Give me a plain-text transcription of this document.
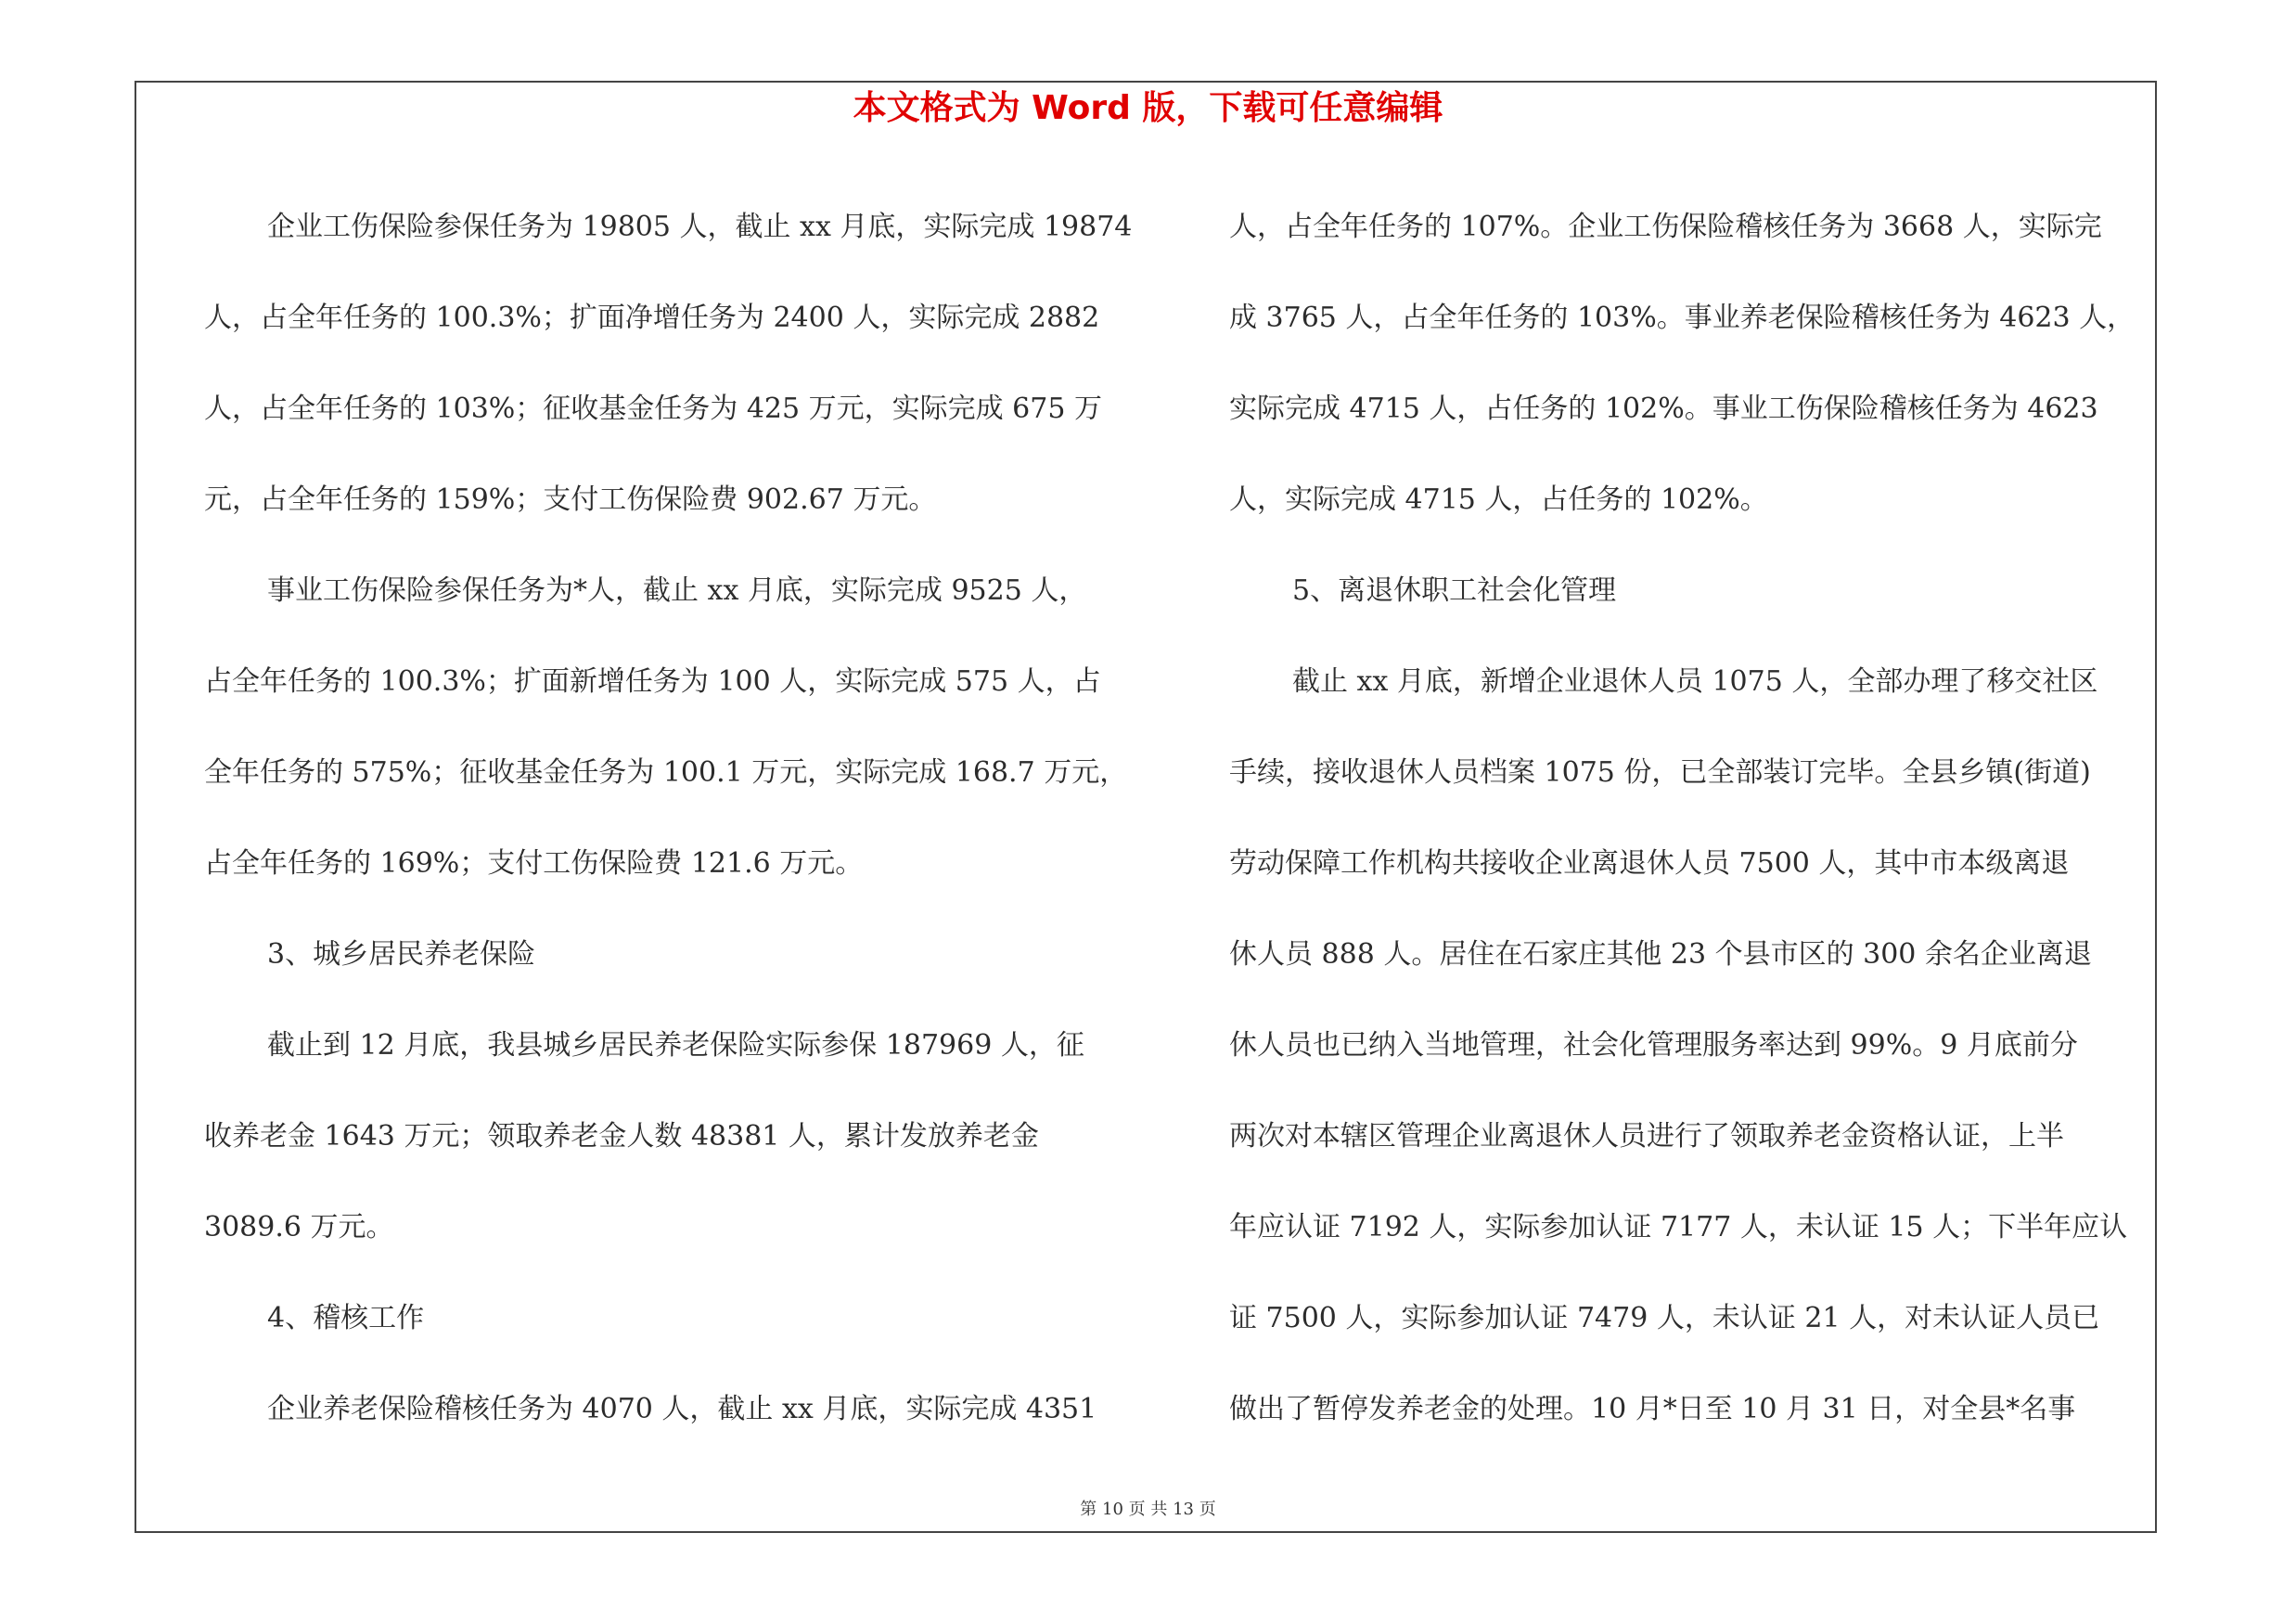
本文格式为 Word 版，下载可任意编辑
企业工伤保险参保任务为 19805 人，截止 xx 月底，实际完成 19874
人，占全年任务的 100.3%；扩面净增任务为 2400 人，实际完成 2882
人，占全年任务的 103%；征收基金任务为 425 万元，实际完成 675 万
元，占全年任务的 159%；支付工伤保险费 902.67 万元。
事业工伤保险参保任务为*人，截止 xx 月底，实际完成 9525 人，
占全年任务的 100.3%；扩面新增任务为 100 人，实际完成 575 人，占
全年任务的 575%；征收基金任务为 100.1 万元，实际完成 168.7 万元，
占全年任务的 169%；支付工伤保险费 121.6 万元。
3、城乡居民养老保险
截止到 12 月底，我县城乡居民养老保险实际参保 187969 人，征
收养老金 1643 万元；领取养老金人数 48381 人，累计发放养老金
3089.6 万元。
4、稽核工作
企业养老保险稽核任务为 4070 人，截止 xx 月底，实际完成 4351
人，占全年任务的 107%。企业工伤保险稽核任务为 3668 人，实际完
成 3765 人，占全年任务的 103%。事业养老保险稽核任务为 4623 人，
实际完成 4715 人，占任务的 102%。事业工伤保险稽核任务为 4623
人，实际完成 4715 人，占任务的 102%。
5、离退休职工社会化管理
截止 xx 月底，新增企业退休人员 1075 人，全部办理了移交社区
手续，接收退休人员档案 1075 份，已全部装订完毕。全县乡镇(街道)
劳动保障工作机构共接收企业离退休人员 7500 人，其中市本级离退
休人员 888 人。居住在石家庄其他 23 个县市区的 300 余名企业离退
休人员也已纳入当地管理，社会化管理服务率达到 99%。9 月底前分
两次对本辖区管理企业离退休人员进行了领取养老金资格认证，上半
年应认证 7192 人，实际参加认证 7177 人，未认证 15 人；下半年应认
证 7500 人，实际参加认证 7479 人，未认证 21 人，对未认证人员已
做出了暂停发养老金的处理。10 月*日至 10 月 31 日，对全县*名事
第 10 页 共 13 页
